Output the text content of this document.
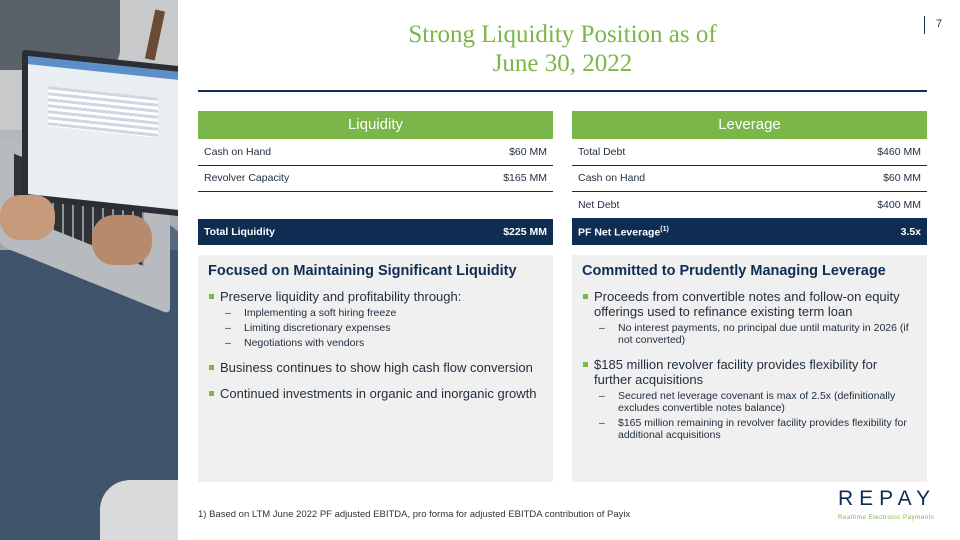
Strong Liquidity Position as of
June 30, 2022
7
Liquidity
Cash on Hand	$60 MM
Revolver Capacity	$165 MM
Total Liquidity	$225 MM
Leverage
Total Debt	$460 MM
Cash on Hand	$60 MM
Net Debt	$400 MM
PF Net Leverage$^{(1)}$	3.5x
Focused on Maintaining Significant Liquidity
Preserve liquidity and profitability through:
– Implementing a soft hiring freeze
– Limiting discretionary expenses
– Negotiations with vendors
Business continues to show high cash flow conversion
Continued investments in organic and inorganic growth
Committed to Prudently Managing Leverage
Proceeds from convertible notes and follow-on equity offerings used to refinance existing term loan
– No interest payments, no principal due until maturity in 2026 (if not converted)
$185 million revolver facility provides flexibility for further acquisitions
– Secured net leverage covenant is max of 2.5x (definitionally excludes convertible notes balance)
– $165 million remaining in revolver facility provides flexibility for additional acquisitions
1) Based on LTM June 2022 PF adjusted EBITDA, pro forma for adjusted EBITDA contribution of Payix
REPAY
Realtime Electronic Payments
